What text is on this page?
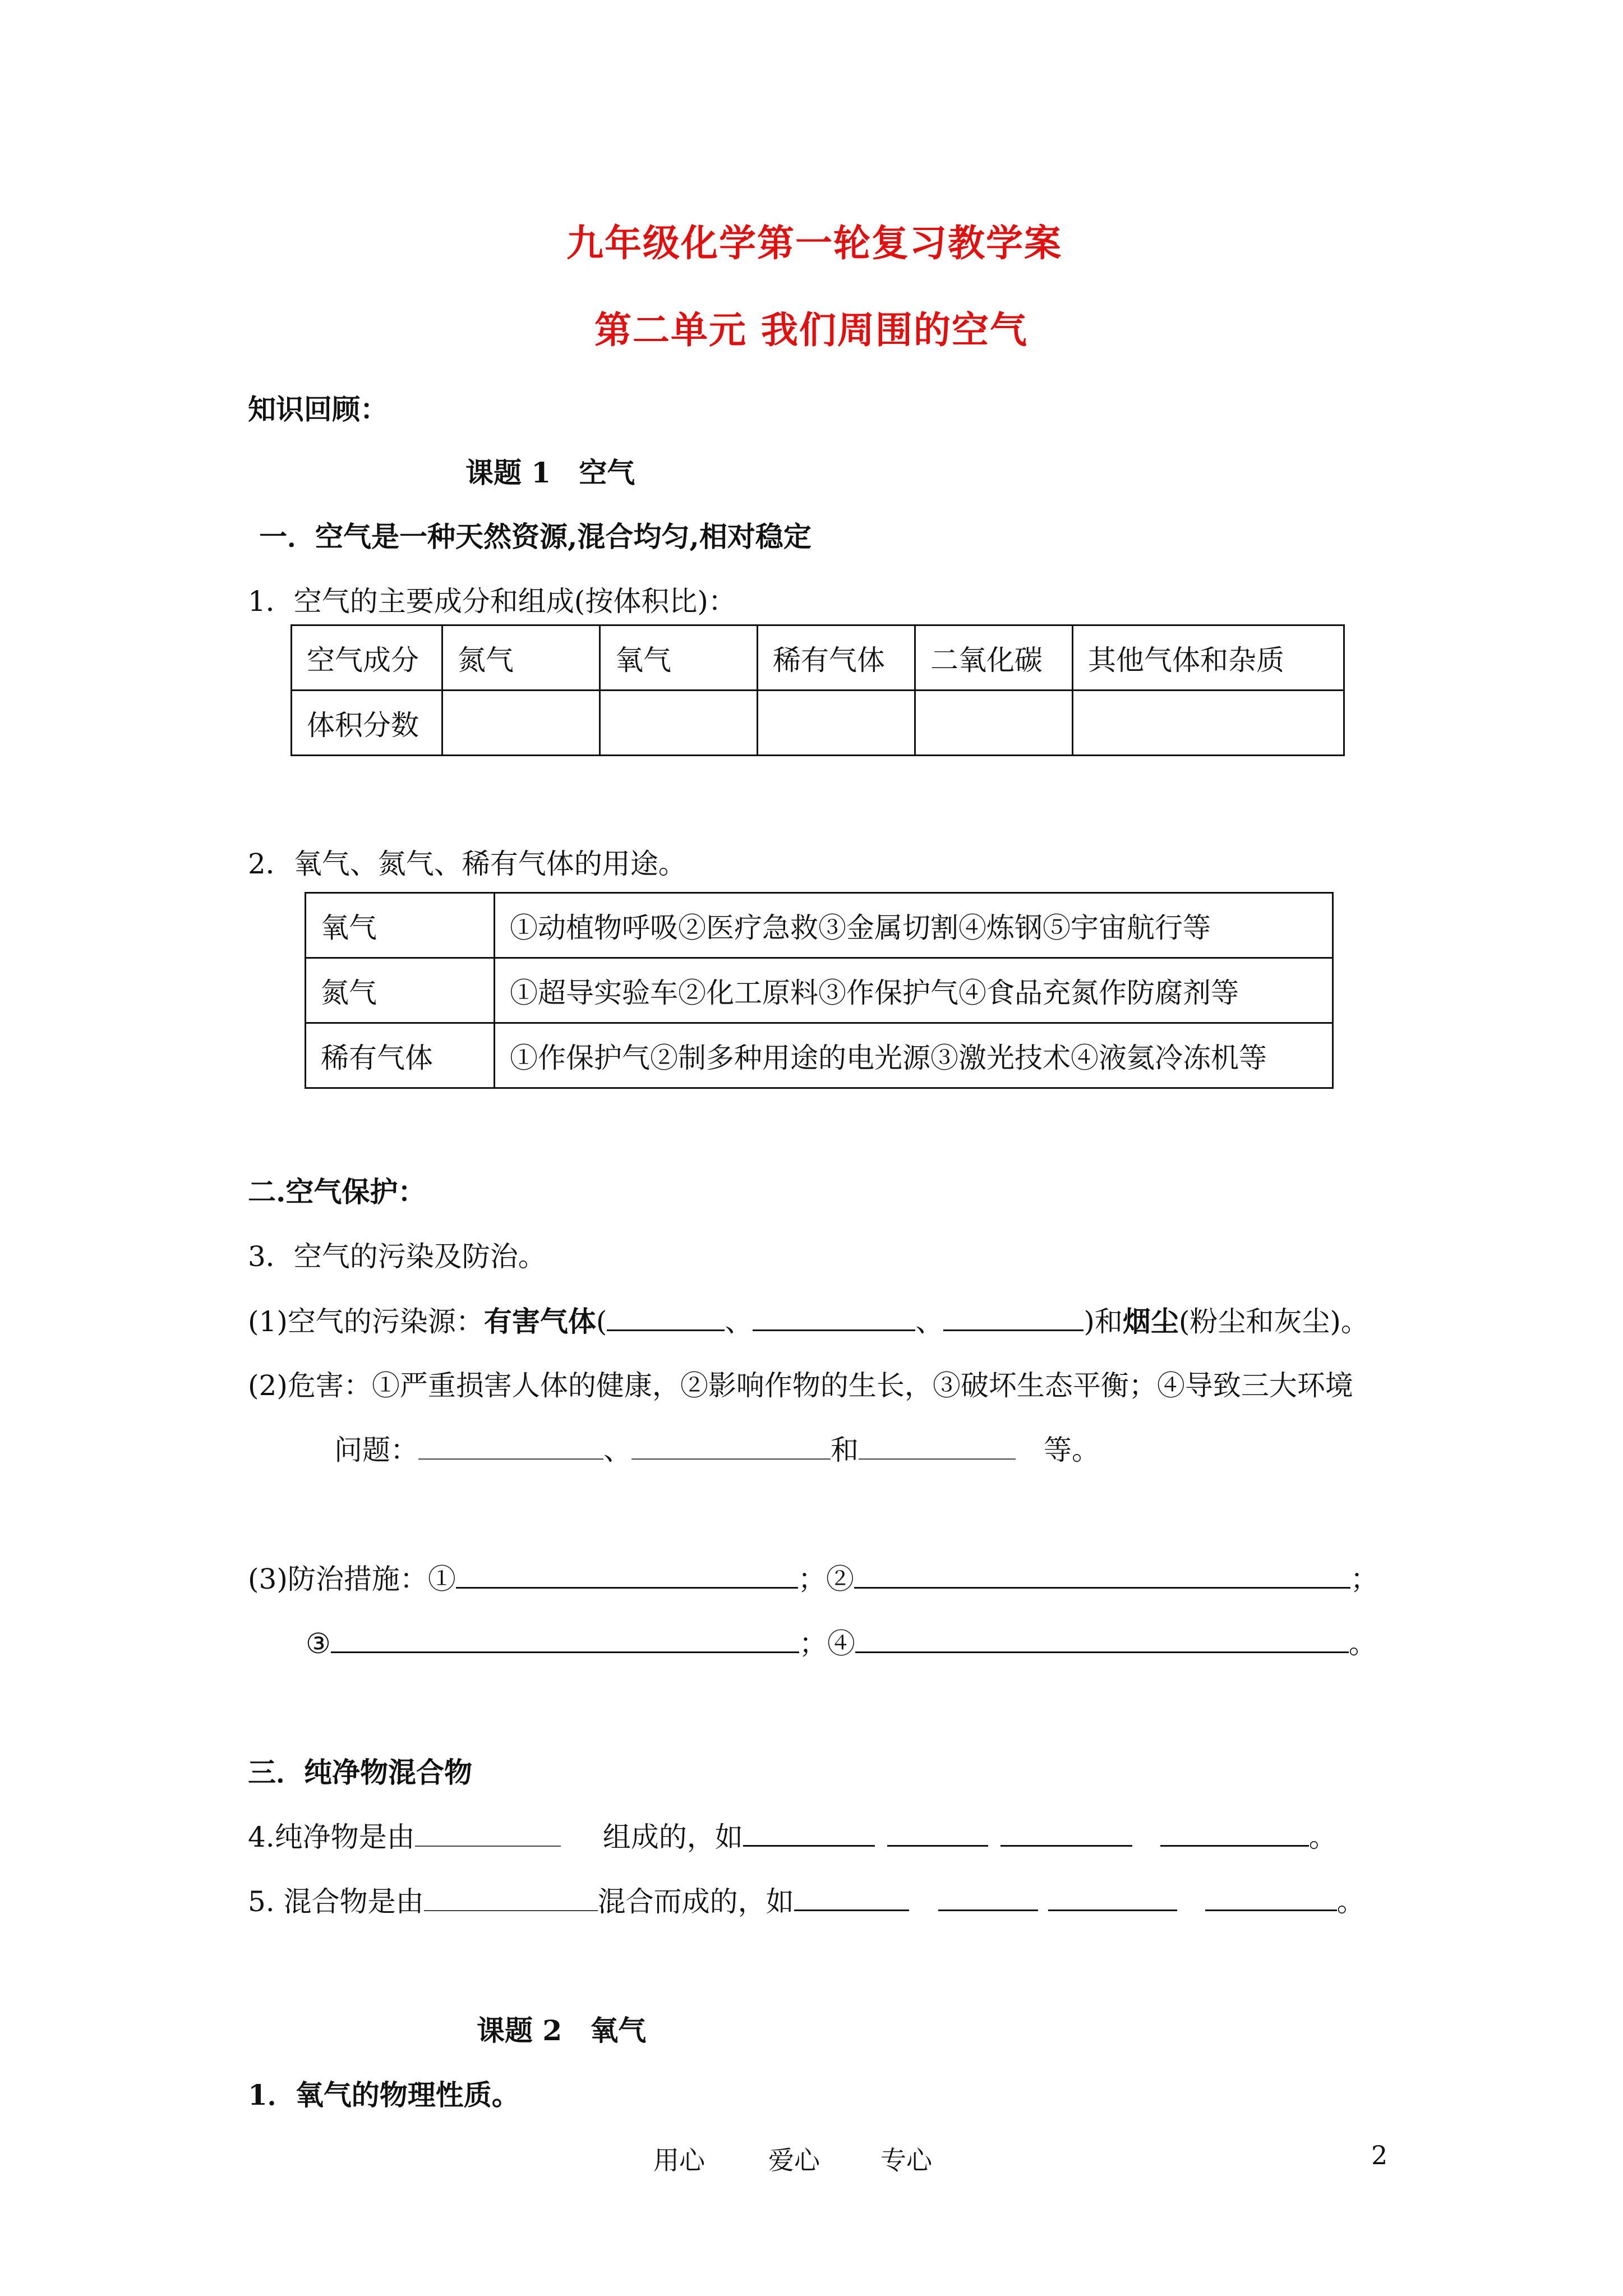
九年级化学第一轮复习教学案
第二单元 我们周围的空气
知识回顾：
课题 1　空气
一．空气是一种天然资源,混合均匀,相对稳定
1．空气的主要成分和组成(按体积比)：
空气成分	氮气	氧气	稀有气体	二氧化碳	其他气体和杂质
体积分数					
2．氧气、氮气、稀有气体的用途。
氧气	①动植物呼吸②医疗急救③金属切割④炼钢⑤宇宙航行等
氮气	①超导实验车②化工原料③作保护气④食品充氮作防腐剂等
稀有气体	①作保护气②制多种用途的电光源③激光技术④液氦冷冻机等
二.空气保护：
3．空气的污染及防治。
(1)空气的污染源：有害气体(	、	、	)和烟尘(粉尘和灰尘)。
(2)危害：①严重损害人体的健康，②影响作物的生长，③破坏生态平衡；④导致三大环境
问题：	、	和	等。
(3)防治措施：①	；②	；
③	；④	。
三．纯净物混合物
4.纯净物是由	组成的，如	。
5. 混合物是由	混合而成的，如	。
课题 2　氧气
1．氧气的物理性质。
用心 爱心 专心	2
